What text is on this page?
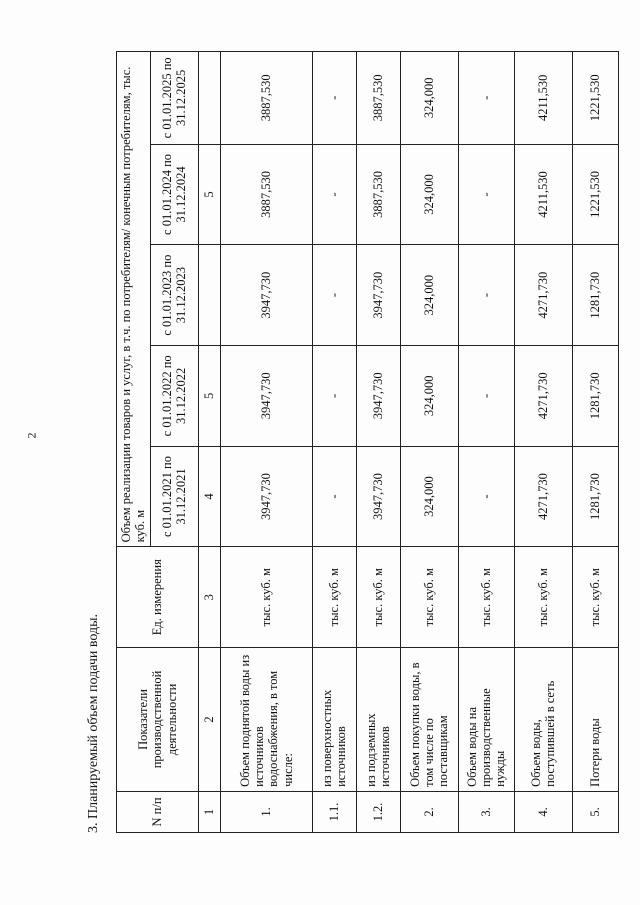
2
3. Планируемый объем подачи воды.	N п/п	Показатели производственной деятельности	Ед. измерения	Объем реализации товаров и услуг, в т.ч. по потребителям/ конечным потребителям, тыс. куб. м				
			с 01.01.2021 по 31.12.2021	с 01.01.2022 по 31.12.2022	с 01.01.2023 по 31.12.2023	с 01.01.2024 по 31.12.2024	с 01.01.2025 по 31.12.2025

1	2	3	4	5		5	
1.	Объем поднятой воды из источников водоснабжения, в том числе:	тыс. куб. м	3947,730	3947,730	3947,730	3887,530	3887,530
1.1.	из поверхностных источников	тыс. куб. м	-	-	-	-	-
1.2.	из подземных источников	тыс. куб. м	3947,730	3947,730	3947,730	3887,530	3887,530
2.	Объем покупки воды, в том числе по поставщикам	тыс. куб. м	324,000	324,000	324,000	324,000	324,000
3.	Объем воды на производственные нужды	тыс. куб. м	-	-	-	-	-
4.	Объем воды, поступившей в сеть	тыс. куб. м	4271,730	4271,730	4271,730	4211,530	4211,530
5.	Потери воды	тыс. куб. м	1281,730	1281,730	1281,730	1221,530	1221,530
